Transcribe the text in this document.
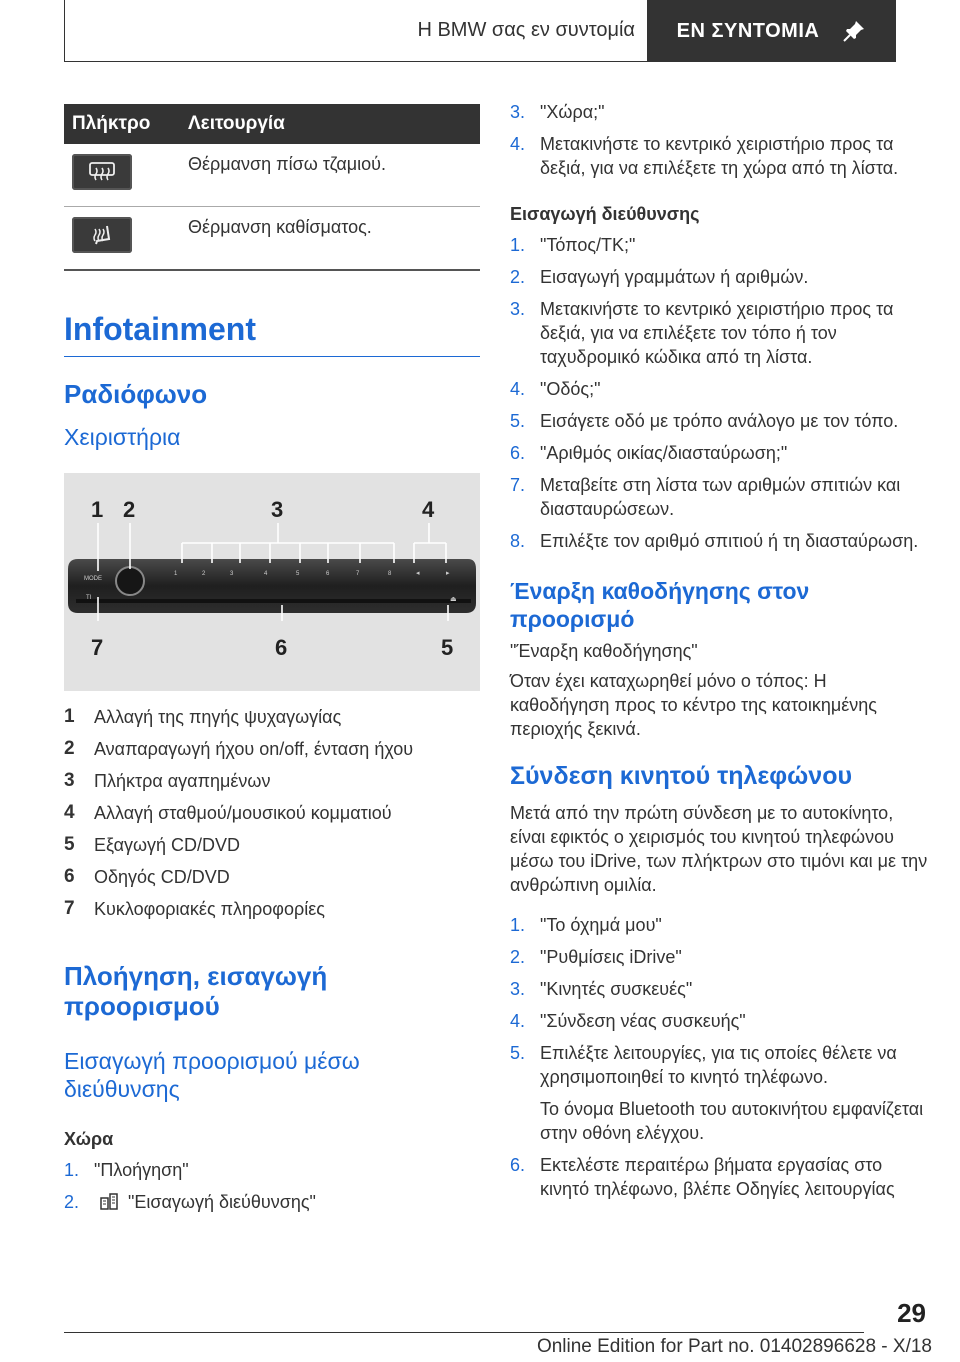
Η BMW σας εν συντομία	ΕΝ ΣΥΝΤΟΜΙΑ
Πλήκτρο	Λειτουργία

	Θέρμανση πίσω τζαμιού.

	Θέρμανση καθίσματος.
Infotainment
Ραδιόφωνο
Χειριστήρια
MODE
1	2	3	4	5	6	7	8	◂	▸
⏏
TI
1 2	3	4
5
6
7
1	Αλλαγή της πηγής ψυχαγωγίας
2	Αναπαραγωγή ήχου on/off, ένταση ήχου
3	Πλήκτρα αγαπημένων
4	Αλλαγή σταθμού/μουσικού κομματιού
5	Εξαγωγή CD/DVD
6	Οδηγός CD/DVD
7	Κυκλοφοριακές πληροφορίες
Πλοήγηση, εισαγωγή
προορισμού
Εισαγωγή προορισμού μέσω
διεύθυνσης
Χώρα
1. "Πλοήγηση"
2.	"Εισαγωγή διεύθυνσης"
3. "Χώρα;"
4. Μετακινήστε το κεντρικό χειριστήριο προς τα δεξιά, για να επιλέξετε τη χώρα από τη λίστα.
Εισαγωγή διεύθυνσης
1. "Τόπος/ΤΚ;"
2. Εισαγωγή γραμμάτων ή αριθμών.
3. Μετακινήστε το κεντρικό χειριστήριο προς τα δεξιά, για να επιλέξετε τον τόπο ή τον ταχυδρομικό κώδικα από τη λίστα.
4. "Οδός;"
5. Εισάγετε οδό με τρόπο ανάλογο με τον τόπο.
6. "Αριθμός οικίας/διασταύρωση;"
7. Μεταβείτε στη λίστα των αριθμών σπιτιών και διασταυρώσεων.
8. Επιλέξτε τον αριθμό σπιτιού ή τη διασταύρωση.
Έναρξη καθοδήγησης στον
προορισμό
"Έναρξη καθοδήγησης"
Όταν έχει καταχωρηθεί μόνο ο τόπος: Η καθοδήγηση προς το κέντρο της κατοικημένης περιοχής ξεκινά.
Σύνδεση κινητού τηλεφώνου
Μετά από την πρώτη σύνδεση με το αυτοκίνητο, είναι εφικτός ο χειρισμός του κινητού τηλεφώνου μέσω του iDrive, των πλήκτρων στο τιμόνι και με την ανθρώπινη ομιλία.
1. "Το όχημά μου"
2. "Ρυθμίσεις iDrive"
3. "Κινητές συσκευές"
4. "Σύνδεση νέας συσκευής"
5. Επιλέξτε λειτουργίες, για τις οποίες θέλετε να χρησιμοποιηθεί το κινητό τηλέφωνο.
Το όνομα Bluetooth του αυτοκινήτου εμφανίζεται στην οθόνη ελέγχου.
6. Εκτελέστε περαιτέρω βήματα εργασίας στο κινητό τηλέφωνο, βλέπε Οδηγίες λειτουργίας
29
Online Edition for Part no. 01402896628 - X/18
